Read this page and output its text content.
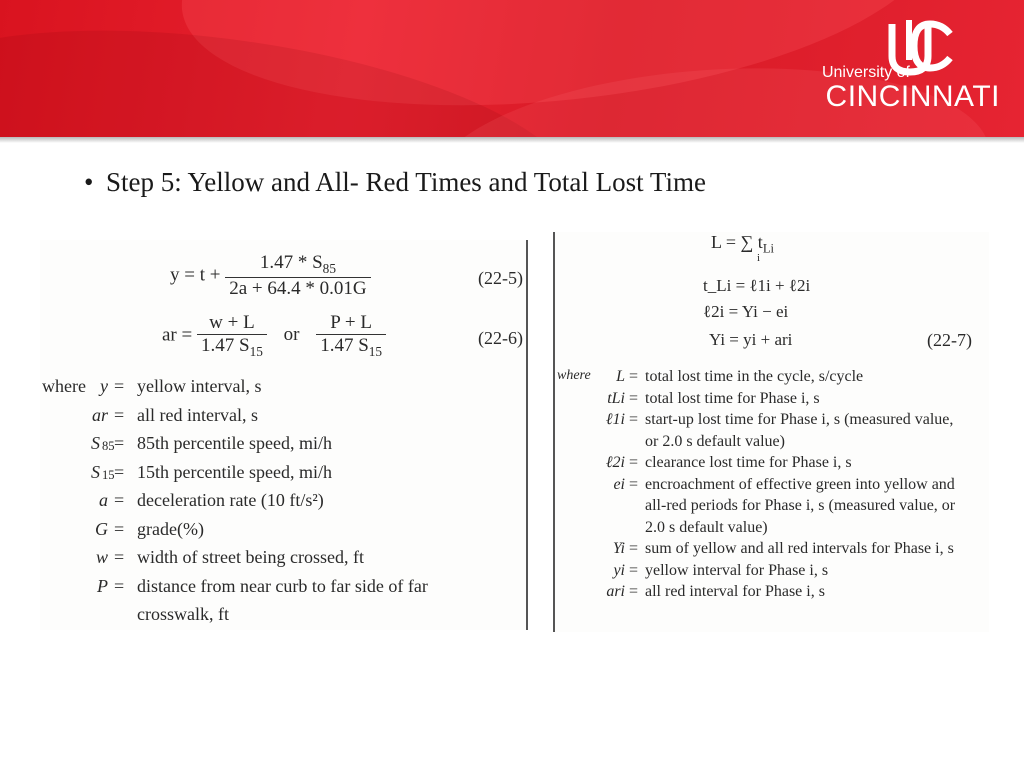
University of
CINCINNATI
• Step 5: Yellow and All- Red Times and Total Lost Time
$y = t + \frac{1.47 * S_{85}}{2a + 64.4 * 0.01G}$	(22-5)
ar = $\frac{w + L}{1.47 S_{15}}$ or $\frac{P + L}{1.47 S_{15}}$	(22-6)
where y = yellow interval, s
ar = all red interval, s
S 85 = 85th percentile speed, mi/h
S 15 = 15th percentile speed, mi/h
a = deceleration rate (10 ft/s²)
G = grade(%)
w = width of street being crossed, ft
P = distance from near curb to far side of far
crosswalk, ft
L = ∑ $t_{Li}$
i
t_Li = ℓ1i + ℓ2i
ℓ2i = Yi − ei
Yi = yi + ari	(22-7)
where	L = total lost time in the cycle, s/cycle
tLi = total lost time for Phase i, s
ℓ1i = start-up lost time for Phase i, s (measured value,
or 2.0 s default value)
ℓ2i = clearance lost time for Phase i, s
ei = encroachment of effective green into yellow and
all-red periods for Phase i, s (measured value, or
2.0 s default value)
Yi = sum of yellow and all red intervals for Phase i, s
yi = yellow interval for Phase i, s
ari = all red interval for Phase i, s
